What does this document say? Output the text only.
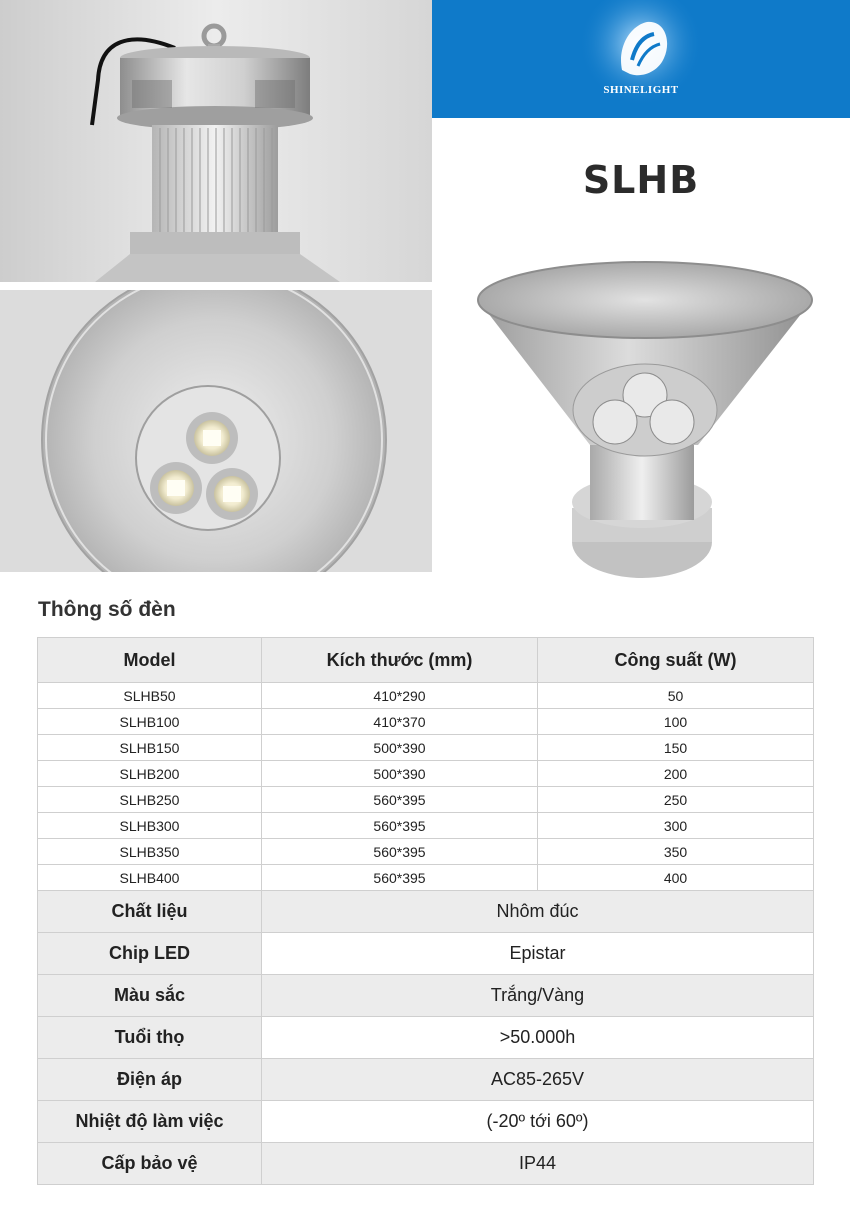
SHINELIGHT
SLHB
Thông số đèn
Model	Kích thước (mm)	Công suất (W)
SLHB50	410*290	50
SLHB100	410*370	100
SLHB150	500*390	150
SLHB200	500*390	200
SLHB250	560*395	250
SLHB300	560*395	300
SLHB350	560*395	350
SLHB400	560*395	400
Chất liệu	Nhôm đúc	
Chip LED	Epistar	
Màu sắc	Trắng/Vàng	
Tuổi thọ	>50.000h	
Điện áp	AC85-265V	
Nhiệt độ làm việc	(-20º tới 60º)	
Cấp bảo vệ	IP44	
